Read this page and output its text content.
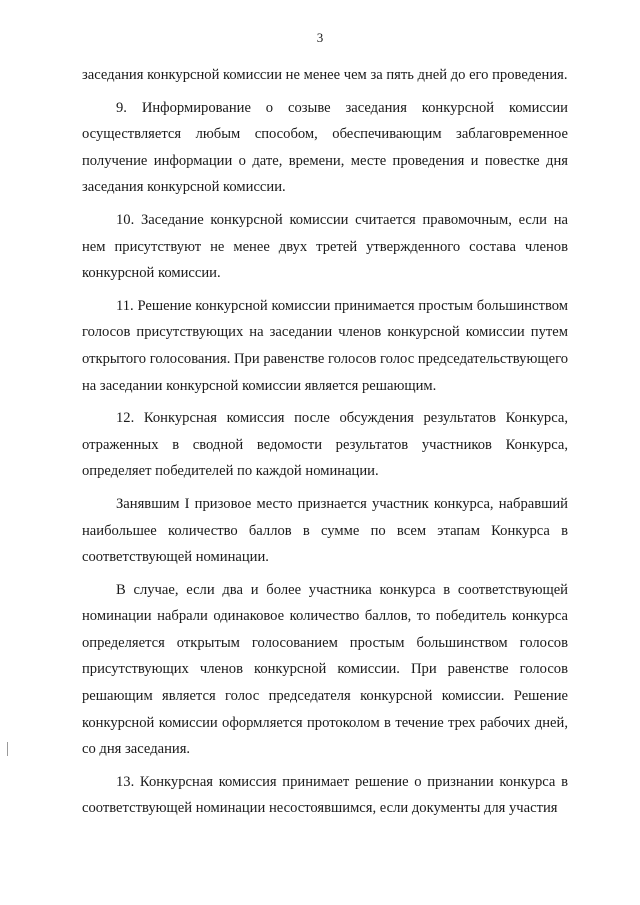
3

заседания конкурсной комиссии не менее чем за пять дней до его проведения.

9. Информирование о созыве заседания конкурсной комиссии осуществляется любым способом, обеспечивающим заблаговременное получение информации о дате, времени, месте проведения и повестке дня заседания конкурсной комиссии.

10. Заседание конкурсной комиссии считается правомочным, если на нем присутствуют не менее двух третей утвержденного состава членов конкурсной комиссии.

11. Решение конкурсной комиссии принимается простым большинством голосов присутствующих на заседании членов конкурсной комиссии путем открытого голосования. При равенстве голосов голос председательствующего на заседании конкурсной комиссии является решающим.

12. Конкурсная комиссия после обсуждения результатов Конкурса, отраженных в сводной ведомости результатов участников Конкурса, определяет победителей по каждой номинации.

Занявшим I призовое место признается участник конкурса, набравший наибольшее количество баллов в сумме по всем этапам Конкурса в соответствующей номинации.

В случае, если два и более участника конкурса в соответствующей номинации набрали одинаковое количество баллов, то победитель конкурса определяется открытым голосованием простым большинством голосов присутствующих членов конкурсной комиссии. При равенстве голосов решающим является голос председателя конкурсной комиссии. Решение конкурсной комиссии оформляется протоколом в течение трех рабочих дней, со дня заседания.

13. Конкурсная комиссия принимает решение о признании конкурса в соответствующей номинации несостоявшимся, если документы для участия
